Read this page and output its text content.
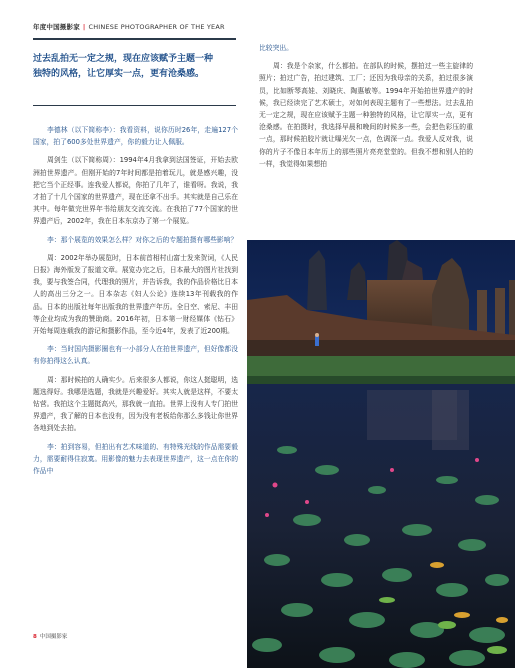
年度中国摄影家 | CHINESE PHOTOGRAPHER OF THE YEAR
过去乱拍无一定之规，现在应该赋予主题一种独特的风格，让它厚实一点，更有沧桑感。

李德林（以下简称李）：我看资料，说你历时26年，走遍127个国家，拍了600多处世界遗产，你的毅力让人佩服。

周剑生（以下简称周）：1994年4月我拿到法国签证，开始去欧洲拍世界遗产。但刚开始的7年时间都是拍着玩儿，就是感兴趣，没把它当个正经事。连我爱人都说，你拍了几年了，谁看呀。我说，我才拍了十几个国家的世界遗产，现在还拿不出手。其实就是自己乐在其中。每年做完世界年书给朋友交流交流。在我拍了77个国家的世界遗产后，2002年，我在日本东京办了第一个展览。

李：那个展览的效果怎么样？对你之后的专题拍摄有哪些影响？

周：2002年举办展览时，日本前首相村山富士发来贺词，《人民日报》海外版发了报道文章。展览办完之后，日本最大的图片社找到我，要与我签合同，代理我的照片，并告诉我，我的作品价格比日本人的高出三分之一。日本杂志《妇人公论》连续13年刊载我的作品。日本的出版社每年出版我的世界遗产年历。全日空、索尼、丰田等企业均成为我的赞助商。2016年初，日本第一财经媒体《钻石》开始每周连载我的游记和摄影作品，至今近4年，发表了近200期。

李：当时国内摄影圈也有一小部分人在拍世界遗产，但好像都没有你拍得这么认真。

周：那时候拍的人确实少。后来很多人都说，你这人挺聪明，选题选得好。我哪是选题，我就是兴趣爱好。其实人就是这样，不要太钻营。我拍这个主题挺高兴，那我就一直拍。世界上没有人专门拍世界遗产，我了解的日本也没有，因为没有老板给你那么多钱让你世界各地到处去拍。

李：拍到容易，但拍出有艺术味道的、有特殊光线的作品需要毅力，需要耐得住寂寞。用影像的魅力去表现世界遗产，这一点在你的作品中

比较突出。

周：我是个杂家，什么都拍。在部队的时候，摆拍过一些主旋律的照片；拍过广告，拍过建筑、工厂；还因为我母亲的关系，拍过很多演员，比如断琴高娃、刘晓庆、陶惠敏等。1994年开始拍世界遗产的时候，我已经读完了艺术硕士，对如何表现主题有了一些想法。过去乱拍无一定之规，现在应该赋予主题一种独特的风格，让它厚实一点，更有沧桑感。在拍摄时，我选择早晨和晚间的时候多一些，会把色彩压的重一点，那时候拍胶片就让曝光欠一点，色调深一点。我爱人反对我，说你的片子不像日本年历上的那些照片亮亮堂堂的。但我不想和别人拍的一样，我觉得如果想拍

8 中国摄影家
